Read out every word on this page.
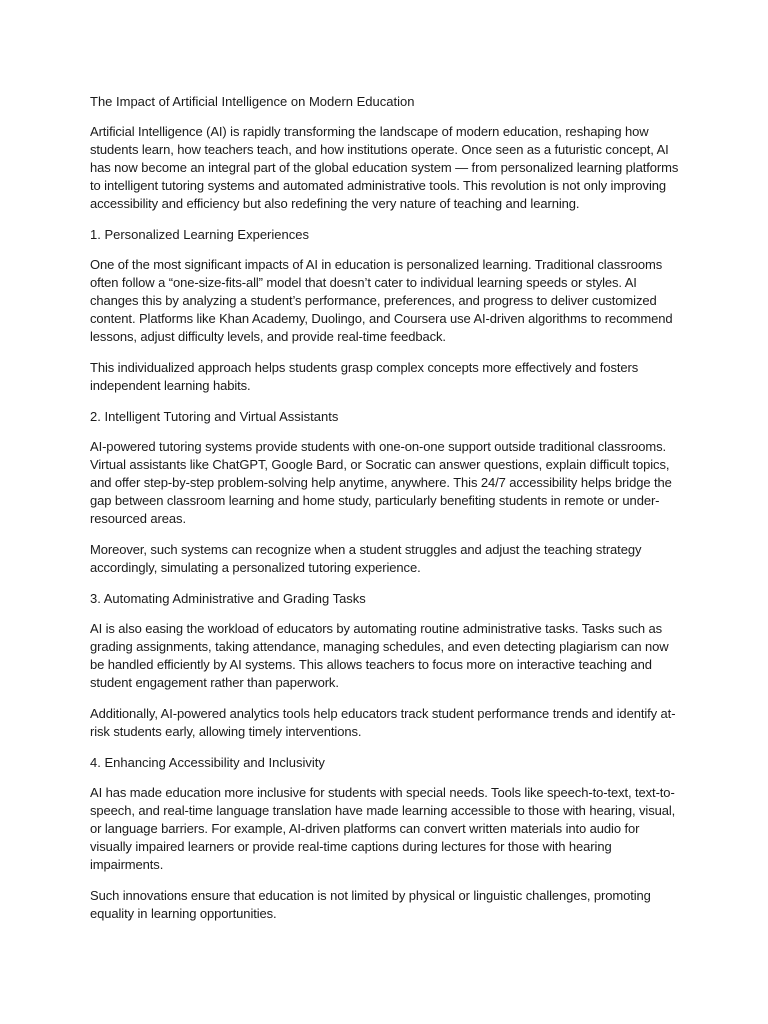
The Impact of Artificial Intelligence on Modern Education

Artificial Intelligence (AI) is rapidly transforming the landscape of modern education, reshaping how students learn, how teachers teach, and how institutions operate. Once seen as a futuristic concept, AI has now become an integral part of the global education system — from personalized learning platforms to intelligent tutoring systems and automated administrative tools. This revolution is not only improving accessibility and efficiency but also redefining the very nature of teaching and learning.

1. Personalized Learning Experiences

One of the most significant impacts of AI in education is personalized learning. Traditional classrooms often follow a “one-size-fits-all” model that doesn’t cater to individual learning speeds or styles. AI changes this by analyzing a student’s performance, preferences, and progress to deliver customized content. Platforms like Khan Academy, Duolingo, and Coursera use AI-driven algorithms to recommend lessons, adjust difficulty levels, and provide real-time feedback.

This individualized approach helps students grasp complex concepts more effectively and fosters independent learning habits.

2. Intelligent Tutoring and Virtual Assistants

AI-powered tutoring systems provide students with one-on-one support outside traditional classrooms. Virtual assistants like ChatGPT, Google Bard, or Socratic can answer questions, explain difficult topics, and offer step-by-step problem-solving help anytime, anywhere. This 24/7 accessibility helps bridge the gap between classroom learning and home study, particularly benefiting students in remote or under-resourced areas.

Moreover, such systems can recognize when a student struggles and adjust the teaching strategy accordingly, simulating a personalized tutoring experience.

3. Automating Administrative and Grading Tasks

AI is also easing the workload of educators by automating routine administrative tasks. Tasks such as grading assignments, taking attendance, managing schedules, and even detecting plagiarism can now be handled efficiently by AI systems. This allows teachers to focus more on interactive teaching and student engagement rather than paperwork.

Additionally, AI-powered analytics tools help educators track student performance trends and identify at-risk students early, allowing timely interventions.

4. Enhancing Accessibility and Inclusivity

AI has made education more inclusive for students with special needs. Tools like speech-to-text, text-to-speech, and real-time language translation have made learning accessible to those with hearing, visual, or language barriers. For example, AI-driven platforms can convert written materials into audio for visually impaired learners or provide real-time captions during lectures for those with hearing impairments.

Such innovations ensure that education is not limited by physical or linguistic challenges, promoting equality in learning opportunities.
